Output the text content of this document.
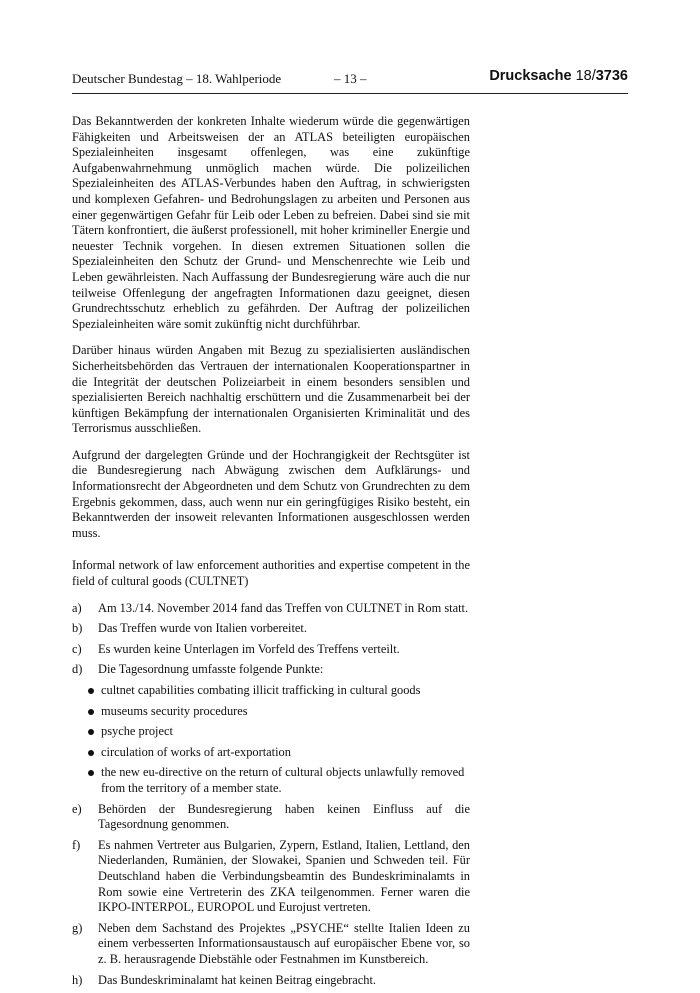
Deutscher Bundestag – 18. Wahlperiode	– 13 –	Drucksache 18/3736

Das Bekanntwerden der konkreten Inhalte wiederum würde die gegenwärtigen Fähigkeiten und Arbeitsweisen der an ATLAS beteiligten europäischen Spezialeinheiten insgesamt offenlegen, was eine zukünftige Aufgabenwahrnehmung unmöglich machen würde. Die polizeilichen Spezialeinheiten des ATLAS-Verbundes haben den Auftrag, in schwierigsten und komplexen Gefahren- und Bedrohungslagen zu arbeiten und Personen aus einer gegenwärtigen Gefahr für Leib oder Leben zu befreien. Dabei sind sie mit Tätern konfrontiert, die äußerst professionell, mit hoher krimineller Energie und neuester Technik vorgehen. In diesen extremen Situationen sollen die Spezialeinheiten den Schutz der Grund- und Menschenrechte wie Leib und Leben gewährleisten. Nach Auffassung der Bundesregierung wäre auch die nur teilweise Offenlegung der angefragten Informationen dazu geeignet, diesen Grundrechtsschutz erheblich zu gefährden. Der Auftrag der polizeilichen Spezialeinheiten wäre somit zukünftig nicht durchführbar.

Darüber hinaus würden Angaben mit Bezug zu spezialisierten ausländischen Sicherheitsbehörden das Vertrauen der internationalen Kooperationspartner in die Integrität der deutschen Polizeiarbeit in einem besonders sensiblen und spezialisierten Bereich nachhaltig erschüttern und die Zusammenarbeit bei der künftigen Bekämpfung der internationalen Organisierten Kriminalität und des Terrorismus ausschließen.

Aufgrund der dargelegten Gründe und der Hochrangigkeit der Rechtsgüter ist die Bundesregierung nach Abwägung zwischen dem Aufklärungs- und Informationsrecht der Abgeordneten und dem Schutz von Grundrechten zu dem Ergebnis gekommen, dass, auch wenn nur ein geringfügiges Risiko besteht, ein Bekanntwerden der insoweit relevanten Informationen ausgeschlossen werden muss.

Informal network of law enforcement authorities and expertise competent in the field of cultural goods (CULTNET)

a) Am 13./14. November 2014 fand das Treffen von CULTNET in Rom statt.
b) Das Treffen wurde von Italien vorbereitet.
c) Es wurden keine Unterlagen im Vorfeld des Treffens verteilt.
d) Die Tagesordnung umfasste folgende Punkte:
cultnet capabilities combating illicit trafficking in cultural goods
museums security procedures
psyche project
circulation of works of art-exportation
the new eu-directive on the return of cultural objects unlawfully removed from the territory of a member state.
e) Behörden der Bundesregierung haben keinen Einfluss auf die Tagesordnung genommen.
f) Es nahmen Vertreter aus Bulgarien, Zypern, Estland, Italien, Lettland, den Niederlanden, Rumänien, der Slowakei, Spanien und Schweden teil. Für Deutschland haben die Verbindungsbeamtin des Bundeskriminalamts in Rom sowie eine Vertreterin des ZKA teilgenommen. Ferner waren die IKPO-INTERPOL, EUROPOL und Eurojust vertreten.
g) Neben dem Sachstand des Projektes „PSYCHE“ stellte Italien Ideen zu einem verbesserten Informationsaustausch auf europäischer Ebene vor, so z. B. herausragende Diebstähle oder Festnahmen im Kunstbereich.
h) Das Bundeskriminalamt hat keinen Beitrag eingebracht.
